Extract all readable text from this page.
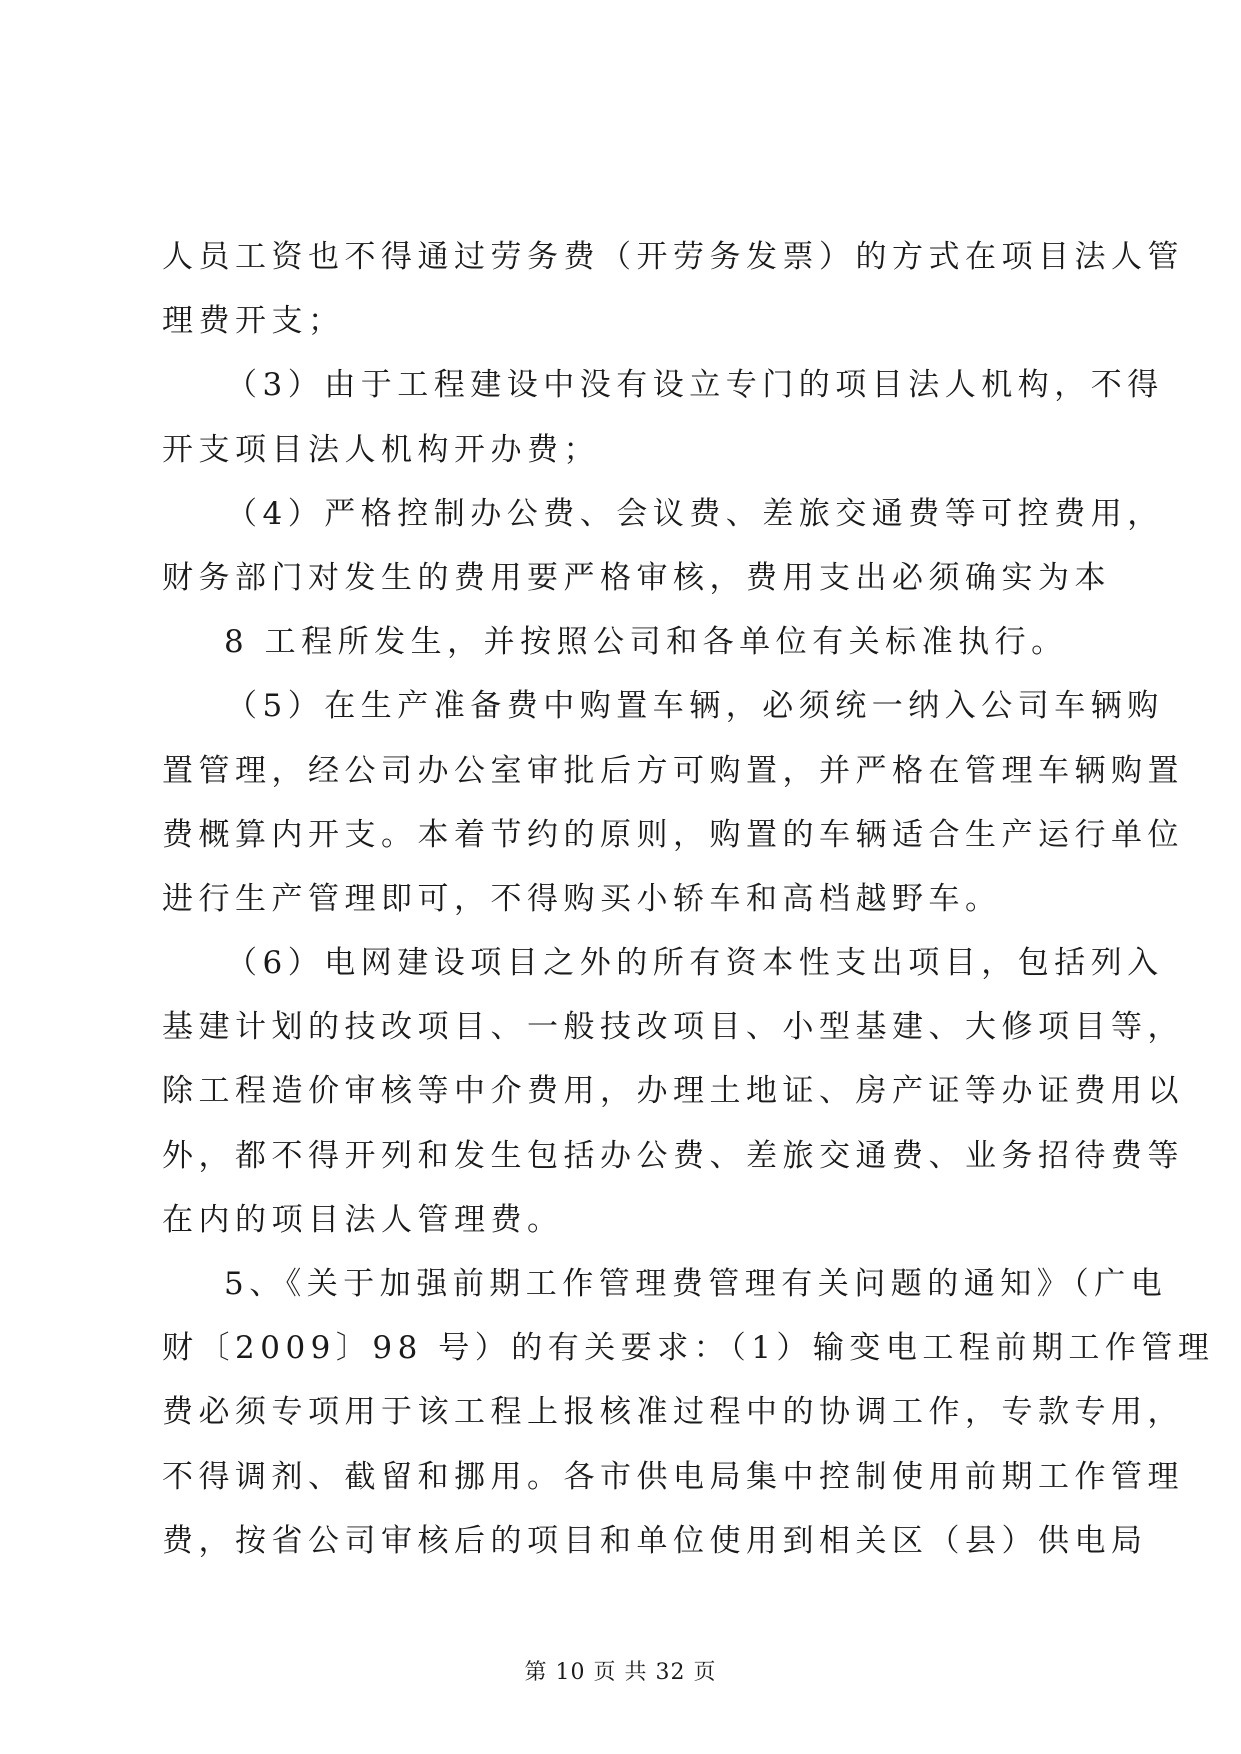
人员工资也不得通过劳务费（开劳务发票）的方式在项目法人管
理费开支；
（3）由于工程建设中没有设立专门的项目法人机构，不得
开支项目法人机构开办费；
（4）严格控制办公费、会议费、差旅交通费等可控费用，
财务部门对发生的费用要严格审核，费用支出必须确实为本
8 工程所发生，并按照公司和各单位有关标准执行。
（5）在生产准备费中购置车辆，必须统一纳入公司车辆购
置管理，经公司办公室审批后方可购置，并严格在管理车辆购置
费概算内开支。本着节约的原则，购置的车辆适合生产运行单位
进行生产管理即可，不得购买小轿车和高档越野车。
（6）电网建设项目之外的所有资本性支出项目，包括列入
基建计划的技改项目、一般技改项目、小型基建、大修项目等，
除工程造价审核等中介费用，办理土地证、房产证等办证费用以
外，都不得开列和发生包括办公费、差旅交通费、业务招待费等
在内的项目法人管理费。
5、《关于加强前期工作管理费管理有关问题的通知》（广电
财〔2009〕98 号）的有关要求：（1）输变电工程前期工作管理
费必须专项用于该工程上报核准过程中的协调工作，专款专用，
不得调剂、截留和挪用。各市供电局集中控制使用前期工作管理
费，按省公司审核后的项目和单位使用到相关区（县）供电局
第 10 页 共 32 页
